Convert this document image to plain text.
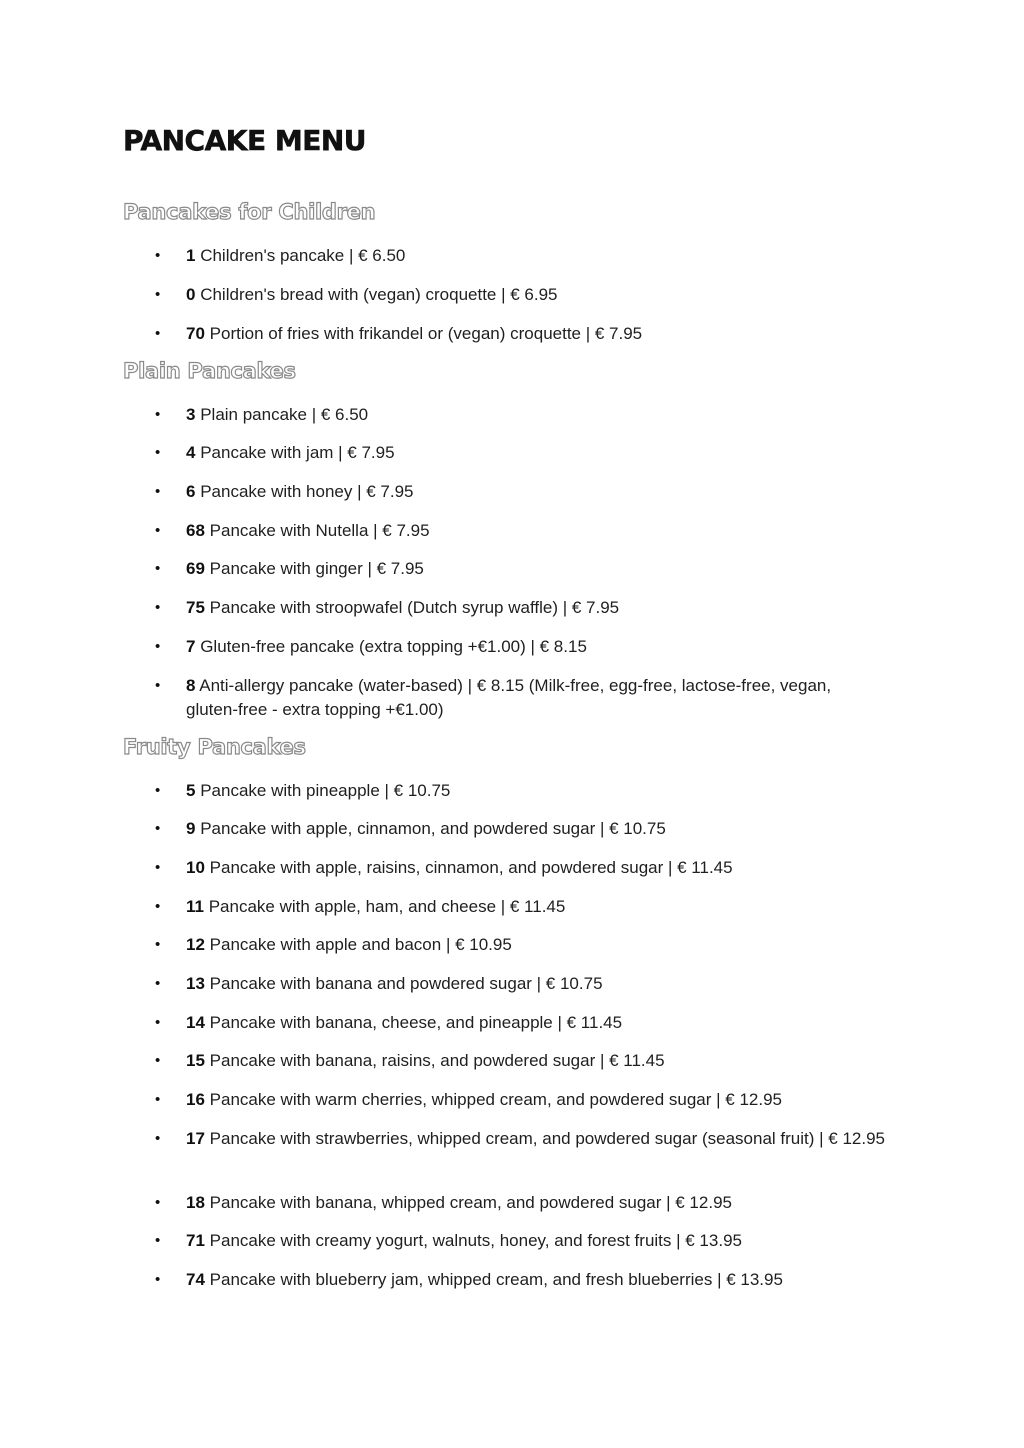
PANCAKE MENU
Pancakes for Children
• 1 Children's pancake | € 6.50
• 0 Children's bread with (vegan) croquette | € 6.95
• 70 Portion of fries with frikandel or (vegan) croquette | € 7.95
Plain Pancakes
• 3 Plain pancake | € 6.50
• 4 Pancake with jam | € 7.95
• 6 Pancake with honey | € 7.95
• 68 Pancake with Nutella | € 7.95
• 69 Pancake with ginger | € 7.95
• 75 Pancake with stroopwafel (Dutch syrup waffle) | € 7.95
• 7 Gluten-free pancake (extra topping +€1.00) | € 8.15
• 8 Anti-allergy pancake (water-based) | € 8.15 (Milk-free, egg-free, lactose-free, vegan, gluten-free - extra topping +€1.00)
Fruity Pancakes
• 5 Pancake with pineapple | € 10.75
• 9 Pancake with apple, cinnamon, and powdered sugar | € 10.75
• 10 Pancake with apple, raisins, cinnamon, and powdered sugar | € 11.45
• 11 Pancake with apple, ham, and cheese | € 11.45
• 12 Pancake with apple and bacon | € 10.95
• 13 Pancake with banana and powdered sugar | € 10.75
• 14 Pancake with banana, cheese, and pineapple | € 11.45
• 15 Pancake with banana, raisins, and powdered sugar | € 11.45
• 16 Pancake with warm cherries, whipped cream, and powdered sugar | € 12.95
• 17 Pancake with strawberries, whipped cream, and powdered sugar (seasonal fruit) | € 12.95
• 18 Pancake with banana, whipped cream, and powdered sugar | € 12.95
• 71 Pancake with creamy yogurt, walnuts, honey, and forest fruits | € 13.95
• 74 Pancake with blueberry jam, whipped cream, and fresh blueberries | € 13.95
